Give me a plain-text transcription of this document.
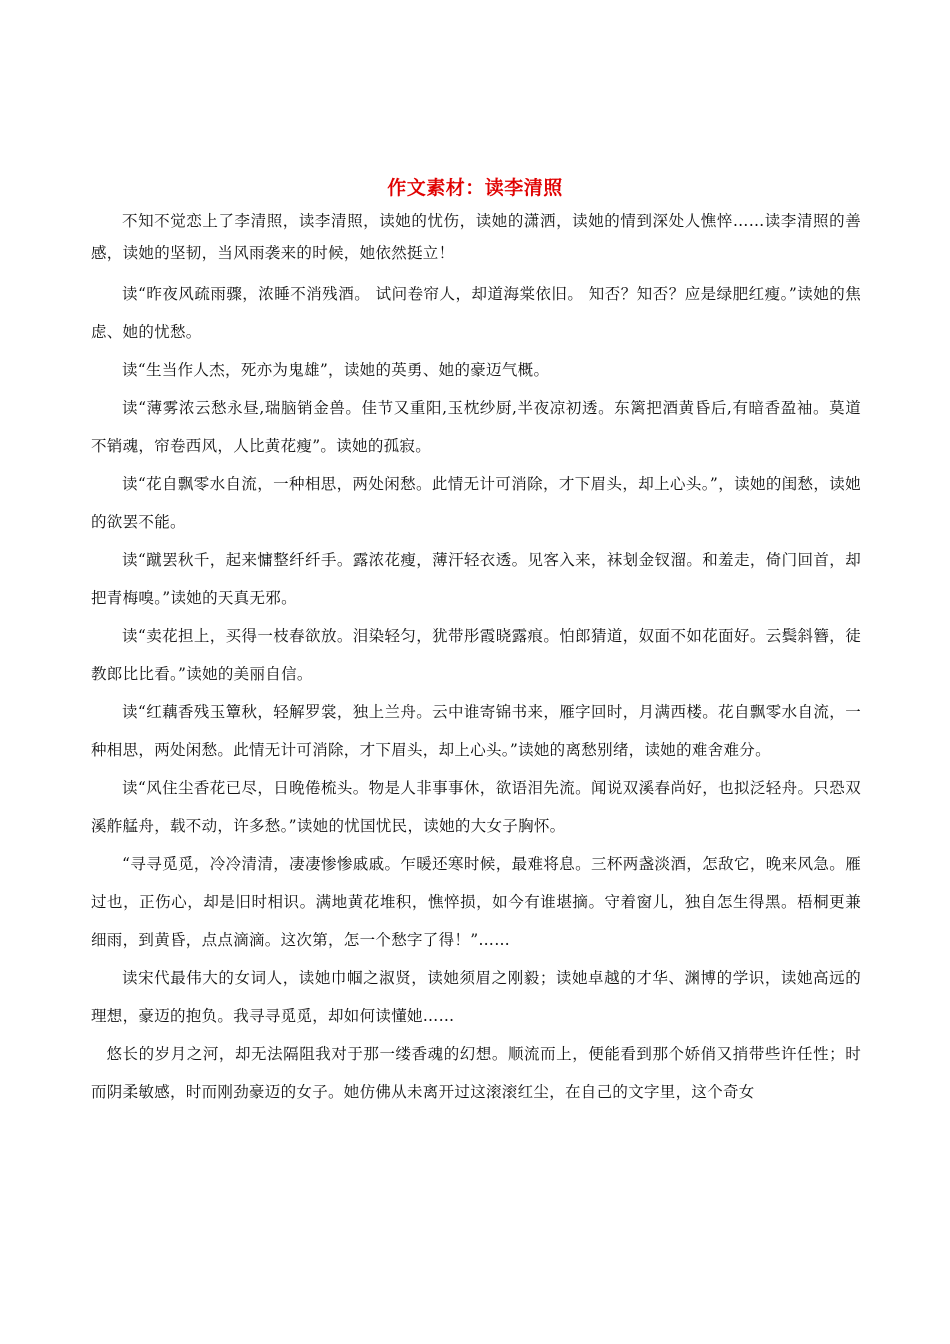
作文素材：读李清照

不知不觉恋上了李清照，读李清照，读她的忧伤，读她的潇洒，读她的情到深处人憔悴……读李清照的善感，读她的坚韧，当风雨袭来的时候，她依然挺立！

读“昨夜风疏雨骤，浓睡不消残酒。 试问卷帘人，却道海棠依旧。 知否？知否？应是绿肥红瘦。”读她的焦虑、她的忧愁。

读“生当作人杰，死亦为鬼雄”，读她的英勇、她的豪迈气概。

读“薄雾浓云愁永昼,瑞脑销金兽。佳节又重阳,玉枕纱厨,半夜凉初透。东篱把酒黄昏后,有暗香盈袖。莫道不销魂，帘卷西风，人比黄花瘦”。读她的孤寂。

读“花自飘零水自流，一种相思，两处闲愁。此情无计可消除，才下眉头，却上心头。”，读她的闺愁，读她的欲罢不能。

读“蹴罢秋千，起来慵整纤纤手。露浓花瘦，薄汗轻衣透。见客入来，袜刬金钗溜。和羞走，倚门回首，却把青梅嗅。”读她的天真无邪。

读“卖花担上，买得一枝春欲放。泪染轻匀，犹带彤霞晓露痕。怕郎猜道，奴面不如花面好。云鬓斜簪，徒教郎比比看。”读她的美丽自信。

读“红藕香残玉簟秋，轻解罗裳，独上兰舟。云中谁寄锦书来，雁字回时，月满西楼。花自飘零水自流，一种相思，两处闲愁。此情无计可消除，才下眉头，却上心头。”读她的离愁别绪，读她的难舍难分。

读“风住尘香花已尽，日晚倦梳头。物是人非事事休，欲语泪先流。闻说双溪春尚好，也拟泛轻舟。只恐双溪舴艋舟，载不动，许多愁。”读她的忧国忧民，读她的大女子胸怀。

“寻寻觅觅，冷冷清清，凄凄惨惨戚戚。乍暖还寒时候，最难将息。三杯两盏淡酒，怎敌它，晚来风急。雁过也，正伤心，却是旧时相识。满地黄花堆积，憔悴损，如今有谁堪摘。守着窗儿，独自怎生得黑。梧桐更兼细雨，到黄昏，点点滴滴。这次第，怎一个愁字了得！”……

读宋代最伟大的女词人，读她巾帼之淑贤，读她须眉之刚毅；读她卓越的才华、渊博的学识，读她高远的理想，豪迈的抱负。我寻寻觅觅，却如何读懂她……

悠长的岁月之河，却无法隔阻我对于那一缕香魂的幻想。顺流而上，便能看到那个娇俏又捎带些许任性；时而阴柔敏感，时而刚劲豪迈的女子。她仿佛从未离开过这滚滚红尘，在自己的文字里，这个奇女
